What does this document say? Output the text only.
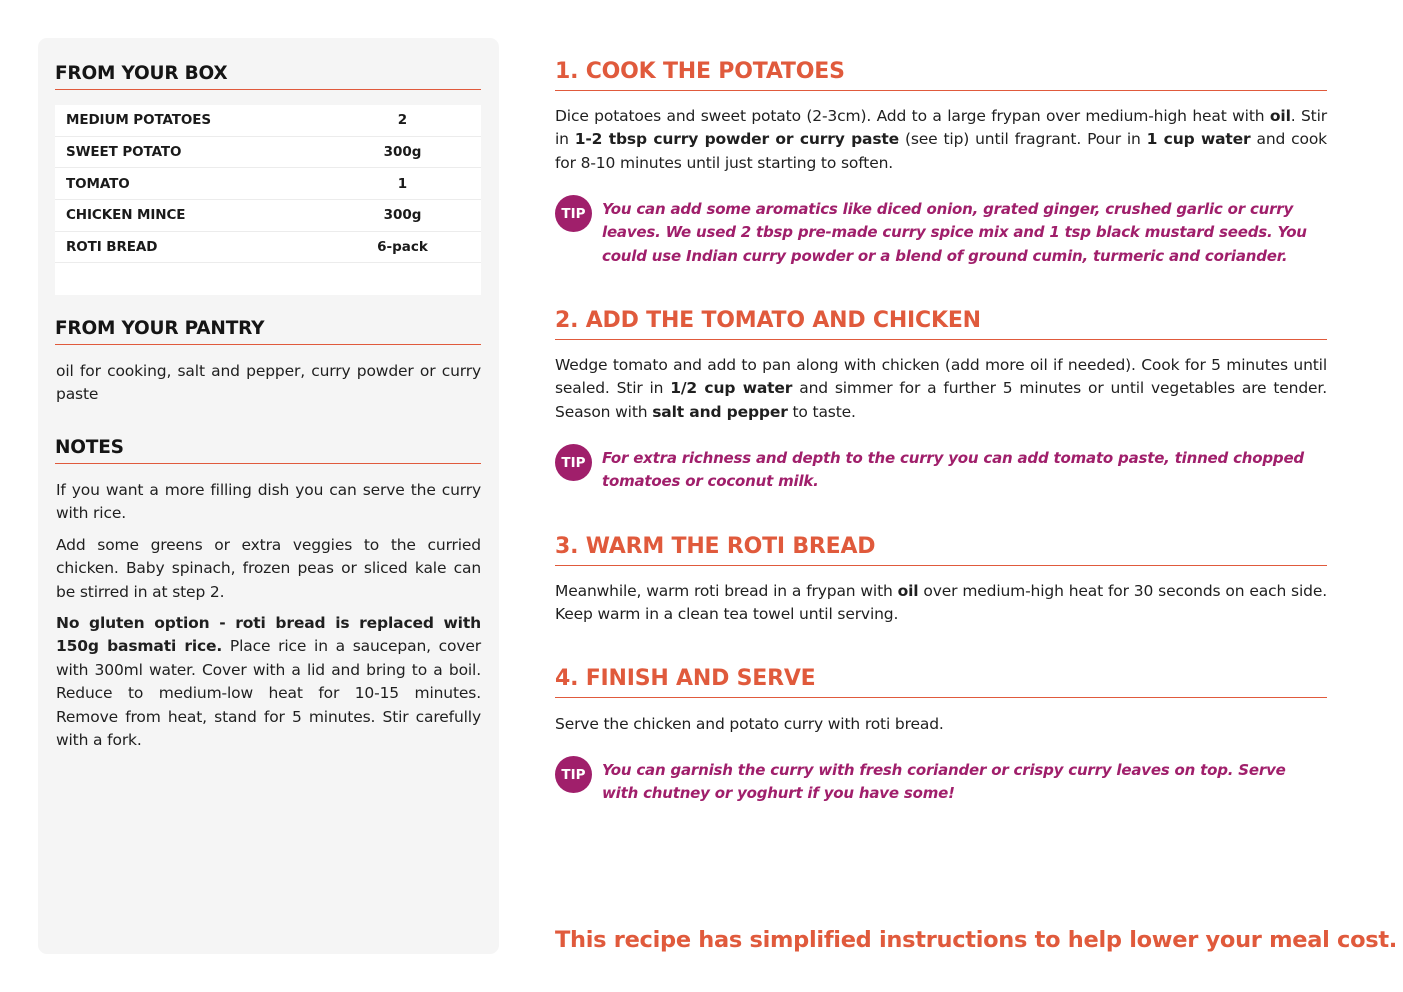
FROM YOUR BOX
MEDIUM POTATOES	2
SWEET POTATO	300g
TOMATO	1
CHICKEN MINCE	300g
ROTI BREAD	6-pack
FROM YOUR PANTRY

oil for cooking, salt and pepper, curry powder or curry paste

NOTES

If you want a more filling dish you can serve the curry with rice.

Add some greens or extra veggies to the curried chicken. Baby spinach, frozen peas or sliced kale can be stirred in at step 2.

No gluten option - roti bread is replaced with 150g basmati rice. Place rice in a saucepan, cover with 300ml water. Cover with a lid and bring to a boil. Reduce to medium-low heat for 10-15 minutes. Remove from heat, stand for 5 minutes. Stir carefully with a fork.

1. COOK THE POTATOES

Dice potatoes and sweet potato (2-3cm). Add to a large frypan over medium-high heat with oil. Stir in 1-2 tbsp curry powder or curry paste (see tip) until fragrant. Pour in 1 cup water and cook for 8-10 minutes until just starting to soften.

TIP	You can add some aromatics like diced onion, grated ginger, crushed garlic or curry leaves. We used 2 tbsp pre-made curry spice mix and 1 tsp black mustard seeds. You could use Indian curry powder or a blend of ground cumin, turmeric and coriander.
2. ADD THE TOMATO AND CHICKEN

Wedge tomato and add to pan along with chicken (add more oil if needed). Cook for 5 minutes until sealed. Stir in 1/2 cup water and simmer for a further 5 minutes or until vegetables are tender. Season with salt and pepper to taste.

TIP	For extra richness and depth to the curry you can add tomato paste, tinned chopped tomatoes or coconut milk.
3. WARM THE ROTI BREAD

Meanwhile, warm roti bread in a frypan with oil over medium-high heat for 30 seconds on each side. Keep warm in a clean tea towel until serving.

4. FINISH AND SERVE

Serve the chicken and potato curry with roti bread.

TIP	You can garnish the curry with fresh coriander or crispy curry leaves on top. Serve with chutney or yoghurt if you have some!
This recipe has simplified instructions to help lower your meal cost.
